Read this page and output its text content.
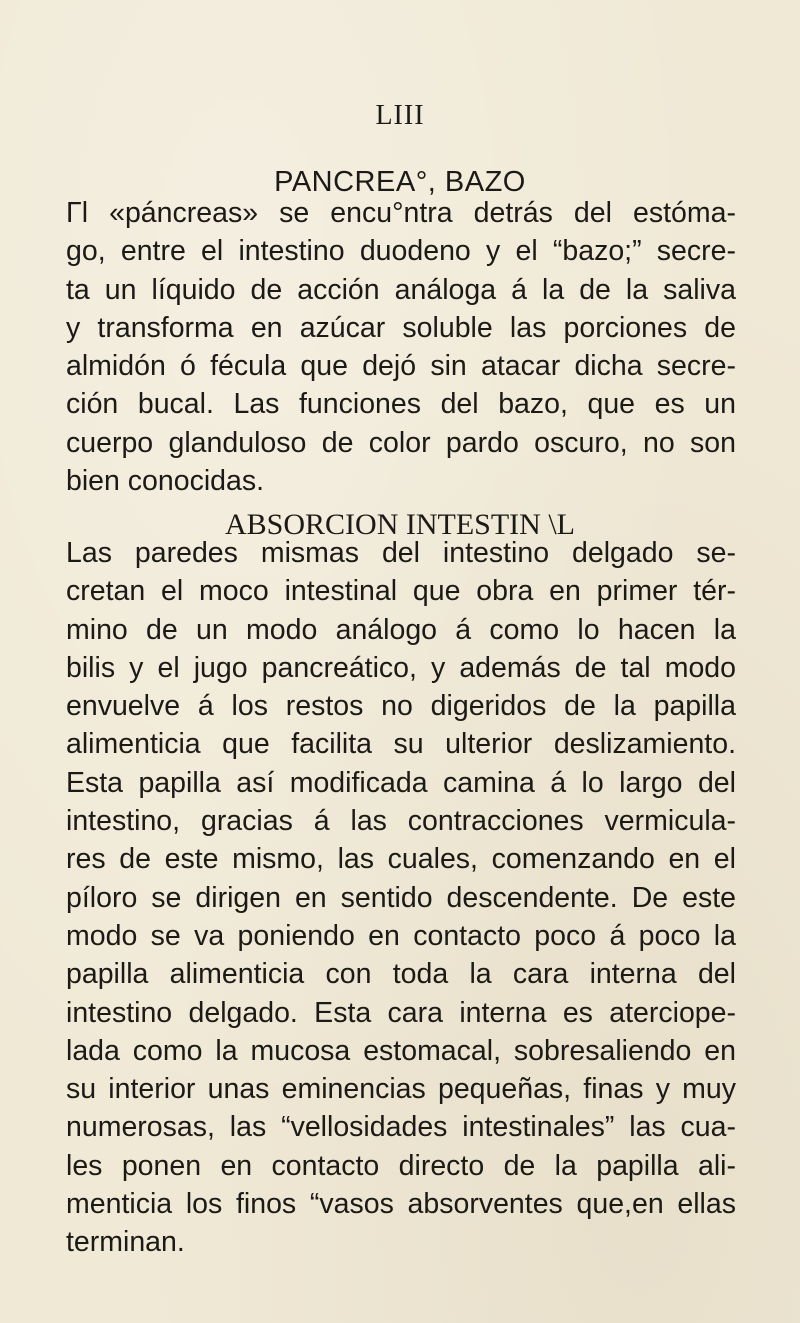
LIII
PANCREA°, BAZO
Γl «páncreas» se encu°ntra detrás del estóma-
go, entre el intestino duodeno y el “bazo;” secre-
ta un líquido de acción análoga á la de la saliva
y transforma en azúcar soluble las porciones de
almidón ó fécula que dejó sin atacar dicha secre-
ción bucal. Las funciones del bazo, que es un
cuerpo glanduloso de color pardo oscuro, no son
bien conocidas.
ABSORCION INTESTIN \L
Las paredes mismas del intestino delgado se-
cretan el moco intestinal que obra en primer tér-
mino de un modo análogo á como lo hacen la
bilis y el jugo pancreático, y además de tal modo
envuelve á los restos no digeridos de la papilla
alimenticia que facilita su ulterior deslizamiento.
Esta papilla así modificada camina á lo largo del
intestino, gracias á las contracciones vermicula-
res de este mismo, las cuales, comenzando en el
píloro se dirigen en sentido descendente. De este
modo se va poniendo en contacto poco á poco la
papilla alimenticia con toda la cara interna del
intestino delgado. Esta cara interna es aterciope-
lada como la mucosa estomacal, sobresaliendo en
su interior unas eminencias pequeñas, finas y muy
numerosas, las “vellosidades intestinales” las cua-
les ponen en contacto directo de la papilla ali-
menticia los finos “vasos absorventes que,en ellas
terminan.
